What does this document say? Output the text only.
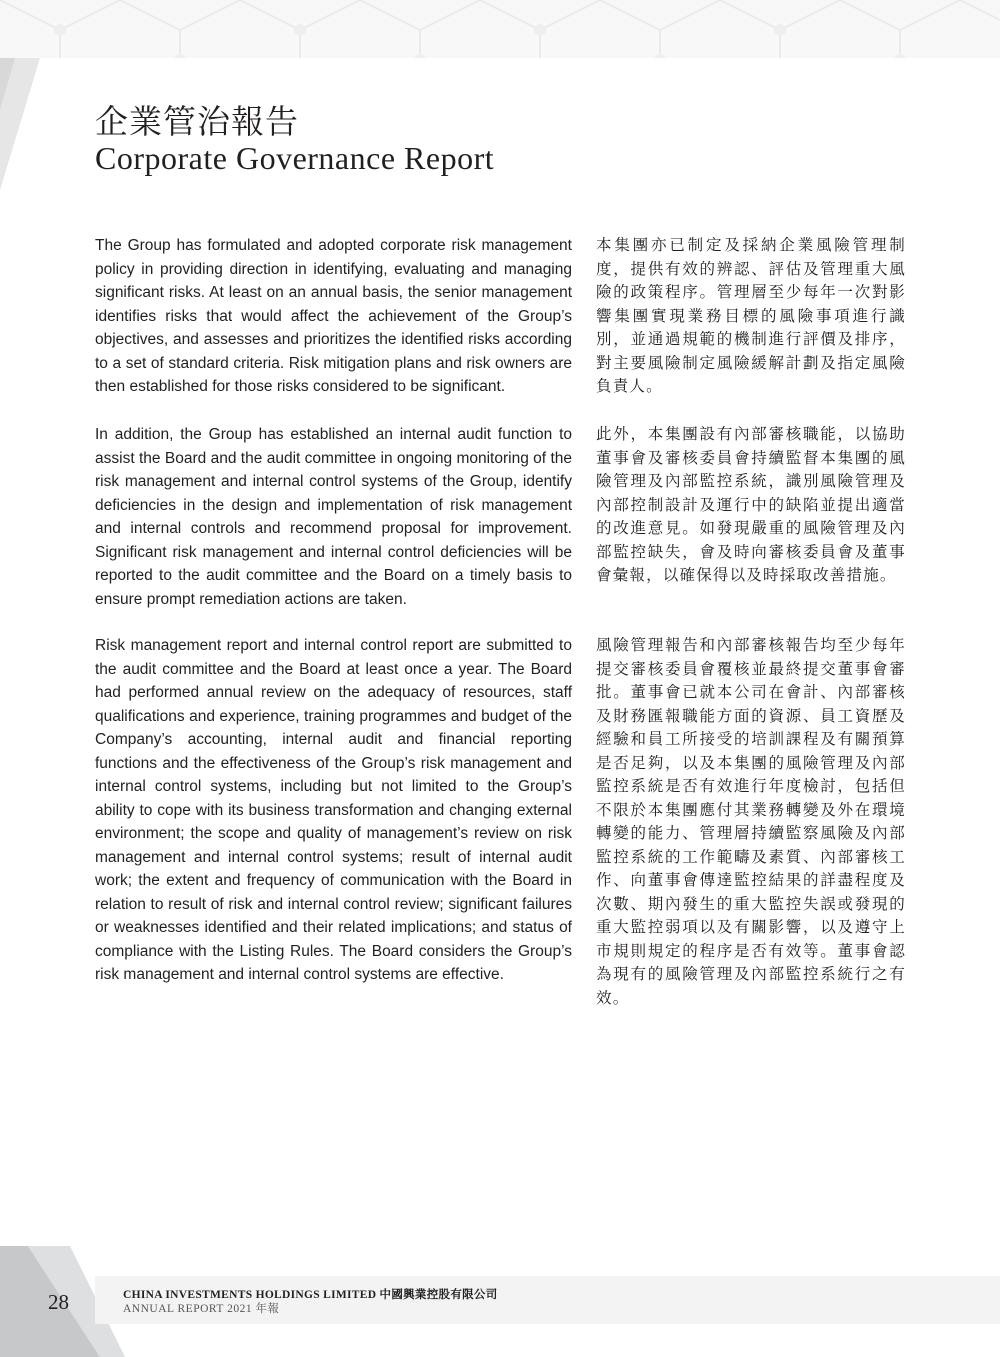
企業管治報告
Corporate Governance Report

The Group has formulated and adopted corporate risk management policy in providing direction in identifying, evaluating and managing significant risks. At least on an annual basis, the senior management identifies risks that would affect the achievement of the Group’s objectives, and assesses and prioritizes the identified risks according to a set of standard criteria. Risk mitigation plans and risk owners are then established for those risks considered to be significant.

In addition, the Group has established an internal audit function to assist the Board and the audit committee in ongoing monitoring of the risk management and internal control systems of the Group, identify deficiencies in the design and implementation of risk management and internal controls and recommend proposal for improvement. Significant risk management and internal control deficiencies will be reported to the audit committee and the Board on a timely basis to ensure prompt remediation actions are taken.

Risk management report and internal control report are submitted to the audit committee and the Board at least once a year. The Board had performed annual review on the adequacy of resources, staff qualifications and experience, training programmes and budget of the Company’s accounting, internal audit and financial reporting functions and the effectiveness of the Group’s risk management and internal control systems, including but not limited to the Group’s ability to cope with its business transformation and changing external environment; the scope and quality of management’s review on risk management and internal control systems; result of internal audit work; the extent and frequency of communication with the Board in relation to result of risk and internal control review; significant failures or weaknesses identified and their related implications; and status of compliance with the Listing Rules. The Board considers the Group’s risk management and internal control systems are effective.

本集團亦已制定及採納企業風險管理制度，提供有效的辨認、評估及管理重大風險的政策程序。管理層至少每年一次對影響集團實現業務目標的風險事項進行識別，並通過規範的機制進行評價及排序，對主要風險制定風險緩解計劃及指定風險負責人。

此外，本集團設有內部審核職能，以協助董事會及審核委員會持續監督本集團的風險管理及內部監控系統，識別風險管理及內部控制設計及運行中的缺陷並提出適當的改進意見。如發現嚴重的風險管理及內部監控缺失，會及時向審核委員會及董事會彙報，以確保得以及時採取改善措施。

風險管理報告和內部審核報告均至少每年提交審核委員會覆核並最終提交董事會審批。董事會已就本公司在會計、內部審核及財務匯報職能方面的資源、員工資歷及經驗和員工所接受的培訓課程及有關預算是否足夠，以及本集團的風險管理及內部監控系統是否有效進行年度檢討，包括但不限於本集團應付其業務轉變及外在環境轉變的能力、管理層持續監察風險及內部監控系統的工作範疇及素質、內部審核工作、向董事會傳達監控結果的詳盡程度及次數、期內發生的重大監控失誤或發現的重大監控弱項以及有關影響，以及遵守上市規則規定的程序是否有效等。董事會認為現有的風險管理及內部監控系統行之有效。

28	CHINA INVESTMENTS HOLDINGS LIMITED 中國興業控股有限公司
ANNUAL REPORT 2021 年報
